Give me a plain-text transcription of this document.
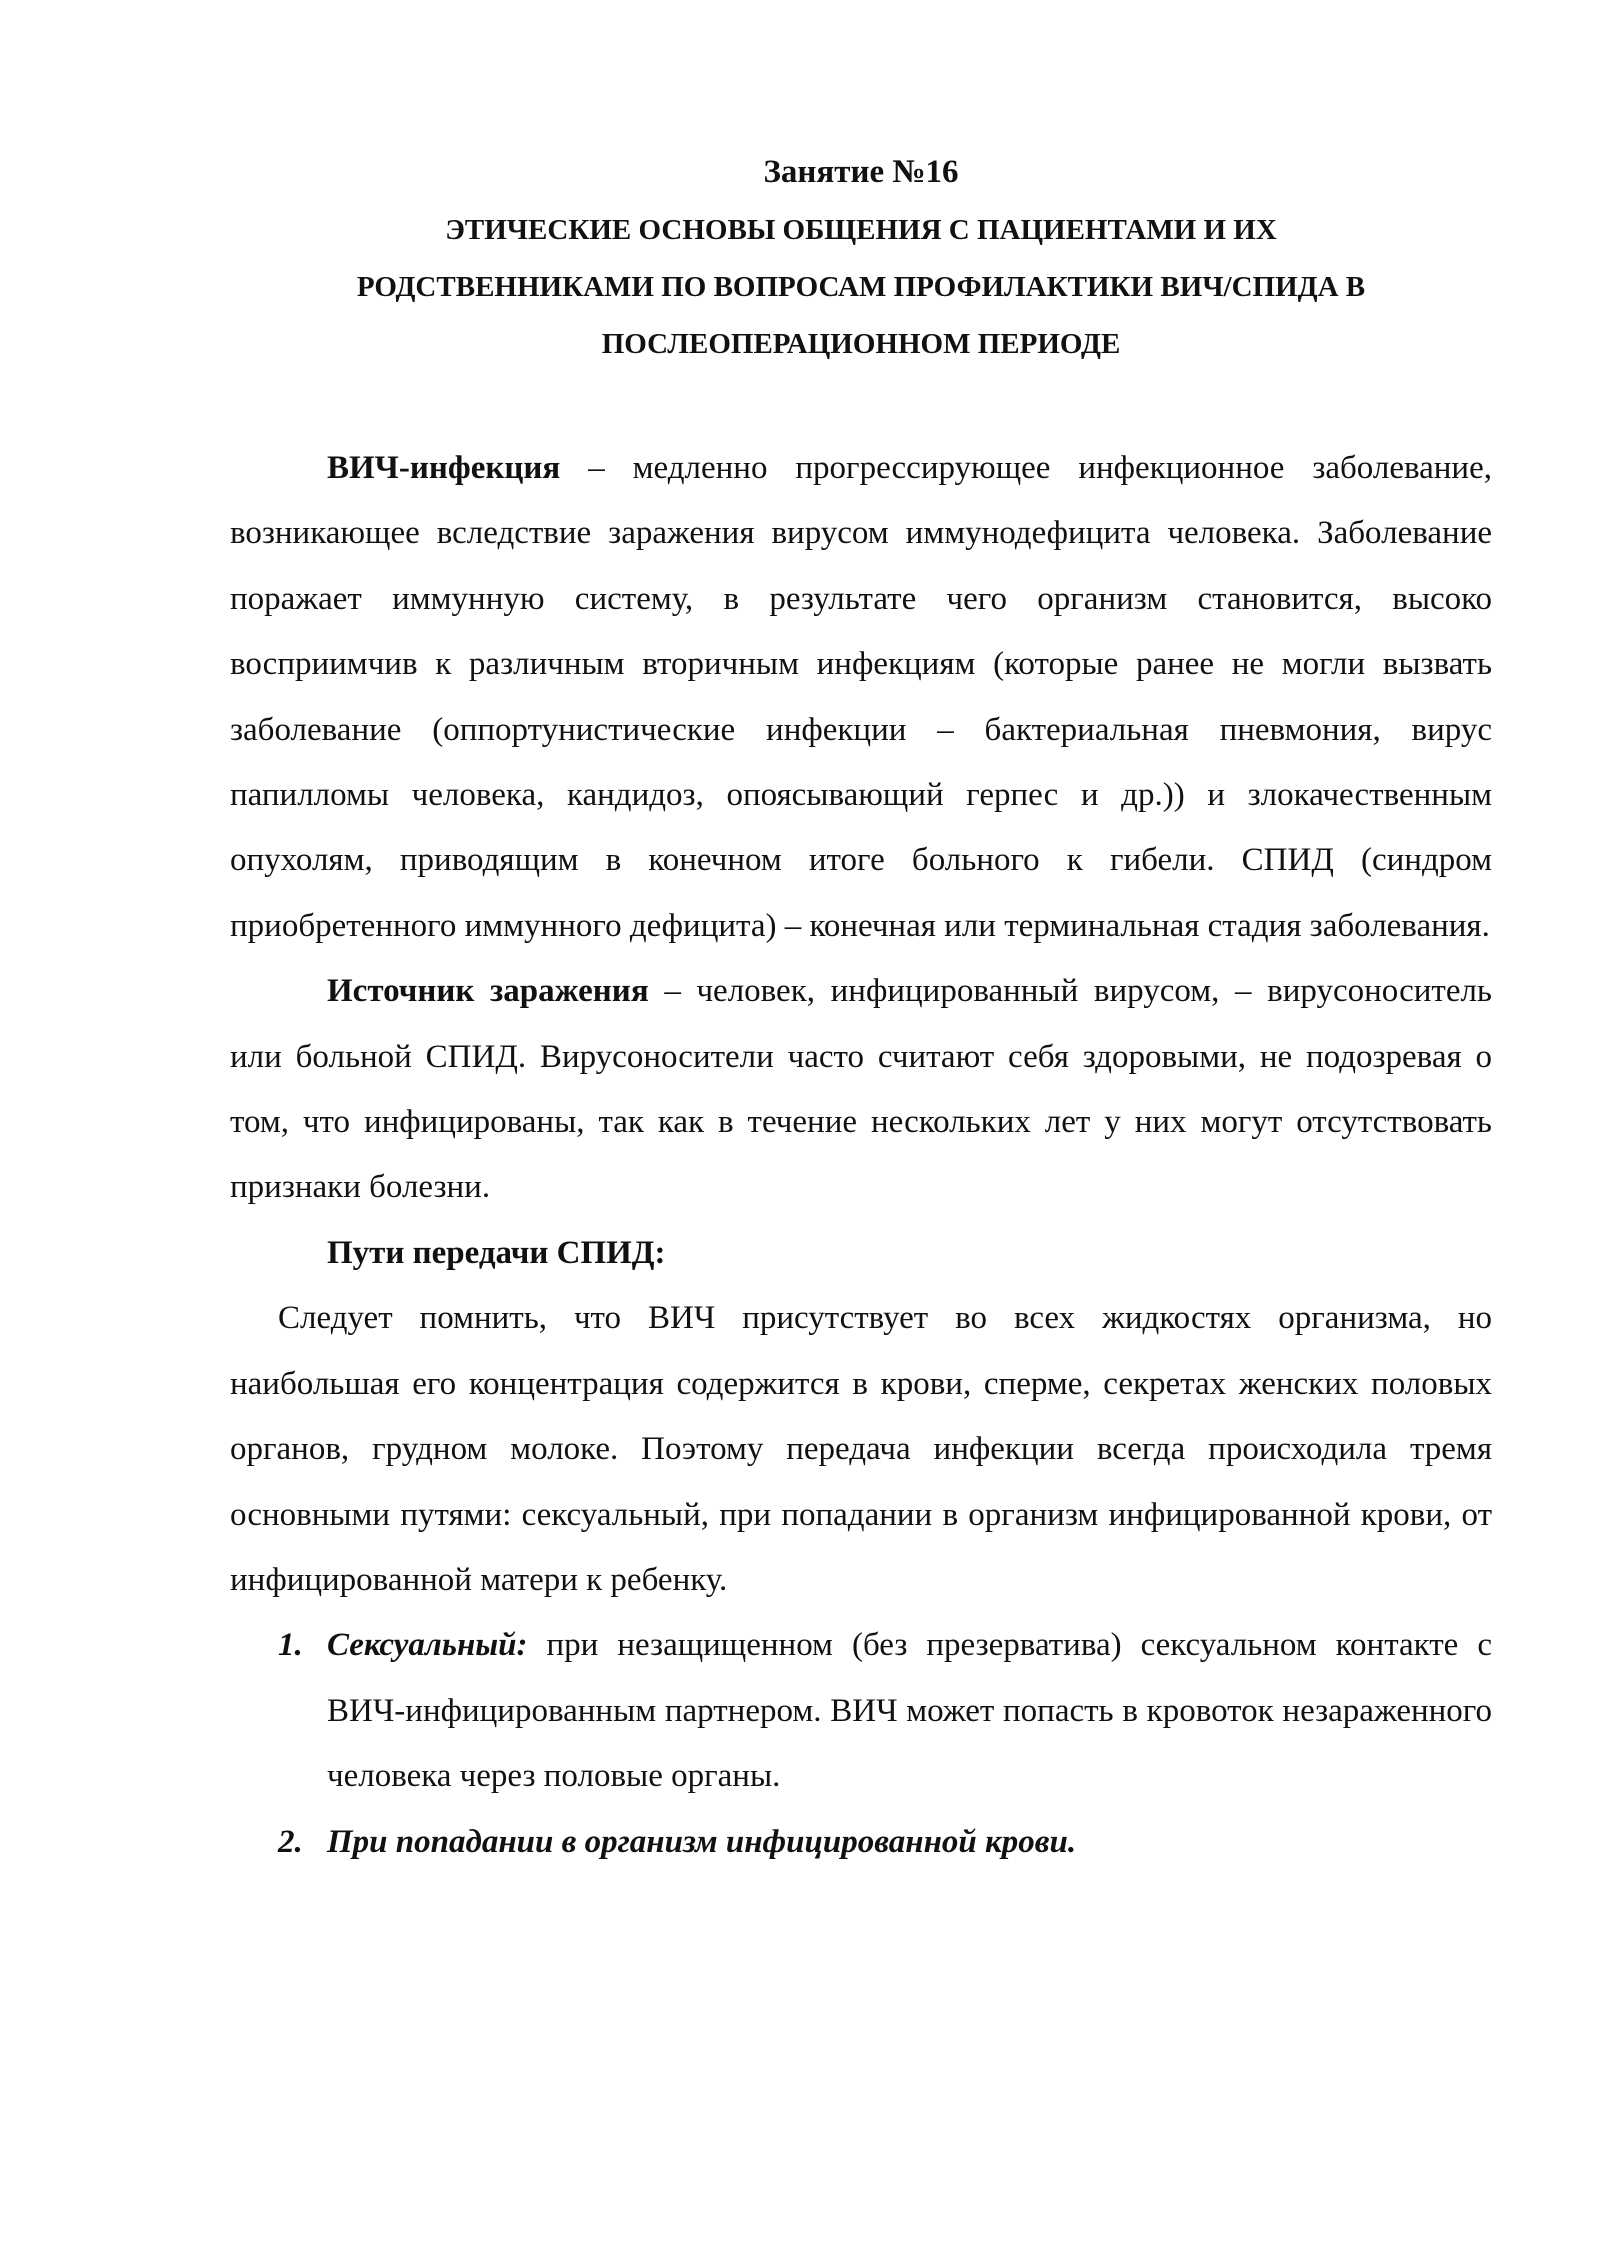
Занятие №16

ЭТИЧЕСКИЕ ОСНОВЫ ОБЩЕНИЯ С ПАЦИЕНТАМИ И ИХ

РОДСТВЕННИКАМИ ПО ВОПРОСАМ ПРОФИЛАКТИКИ ВИЧ/СПИДА В

ПОСЛЕОПЕРАЦИОННОМ ПЕРИОДЕ

ВИЧ-инфекция – медленно прогрессирующее инфекционное заболевание, возникающее вследствие заражения вирусом иммунодефицита человека. Заболевание поражает иммунную систему, в результате чего организм становится, высоко восприимчив к различным вторичным инфекциям (которые ранее не могли вызвать заболевание (оппортунистические инфекции – бактериальная пневмония, вирус папилломы человека, кандидоз, опоясывающий герпес и др.)) и злокачественным опухолям, приводящим в конечном итоге больного к гибели. СПИД (синдром приобретенного иммунного дефицита) – конечная или терминальная стадия заболевания.

Источник заражения – человек, инфицированный вирусом, – вирусоноситель или больной СПИД. Вирусоносители часто считают себя здоровыми, не подозревая о том, что инфицированы, так как в течение нескольких лет у них могут отсутствовать признаки болезни.

Пути передачи СПИД:

Следует помнить, что ВИЧ присутствует во всех жидкостях организма, но наибольшая его концентрация содержится в крови, сперме, секретах женских половых органов, грудном молоке. Поэтому передача инфекции всегда происходила тремя основными путями: сексуальный, при попадании в организм инфицированной крови, от инфицированной матери к ребенку.

1. Сексуальный: при незащищенном (без презерватива) сексуальном контакте с ВИЧ-инфицированным партнером. ВИЧ может попасть в кровоток незараженного человека через половые органы.
2. При попадании в организм инфицированной крови.
